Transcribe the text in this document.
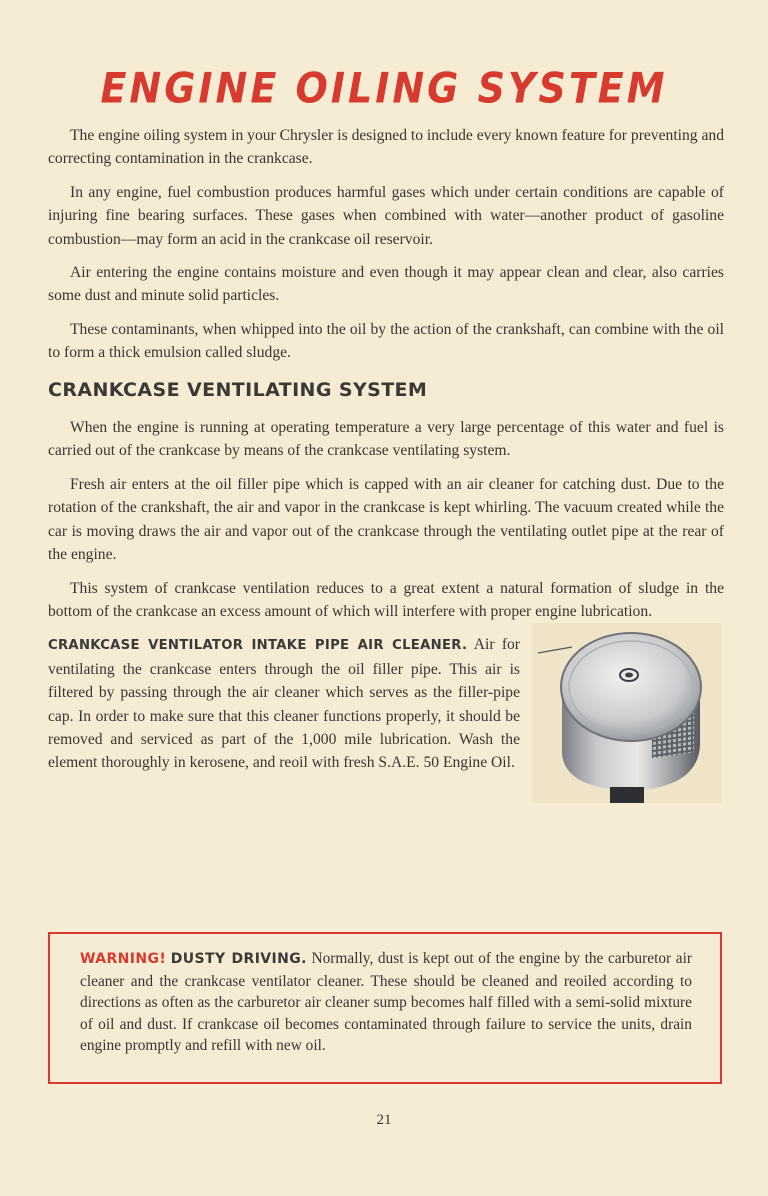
ENGINE OILING SYSTEM

The engine oiling system in your Chrysler is designed to include every known feature for preventing and correcting contamination in the crankcase.

In any engine, fuel combustion produces harmful gases which under certain conditions are capable of injuring fine bearing surfaces. These gases when combined with water—another product of gasoline combustion—may form an acid in the crankcase oil reservoir.

Air entering the engine contains moisture and even though it may appear clean and clear, also carries some dust and minute solid particles.

These contaminants, when whipped into the oil by the action of the crankshaft, can combine with the oil to form a thick emulsion called sludge.

CRANKCASE VENTILATING SYSTEM

When the engine is running at operating temperature a very large percentage of this water and fuel is carried out of the crankcase by means of the crankcase ventilating system.

Fresh air enters at the oil filler pipe which is capped with an air cleaner for catching dust. Due to the rotation of the crankshaft, the air and vapor in the crankcase is kept whirling. The vacuum created while the car is moving draws the air and vapor out of the crankcase through the ventilating outlet pipe at the rear of the engine.

This system of crankcase ventilation reduces to a great extent a natural formation of sludge in the bottom of the crankcase an excess amount of which will interfere with proper engine lubrication.

CRANKCASE VENTILATOR INTAKE PIPE AIR CLEANER. Air for ventilating the crankcase enters through the oil filler pipe. This air is filtered by passing through the air cleaner which serves as the filler-pipe cap. In order to make sure that this cleaner functions properly, it should be removed and serviced as part of the 1,000 mile lubrication. Wash the element thoroughly in kerosene, and reoil with fresh S.A.E. 50 Engine Oil.
WARNING! DUSTY DRIVING. Normally, dust is kept out of the engine by the carburetor air cleaner and the crankcase ventilator cleaner. These should be cleaned and reoiled according to directions as often as the carburetor air cleaner sump becomes half filled with a semi-solid mixture of oil and dust. If crankcase oil becomes contaminated through failure to service the units, drain engine promptly and refill with new oil.
21
